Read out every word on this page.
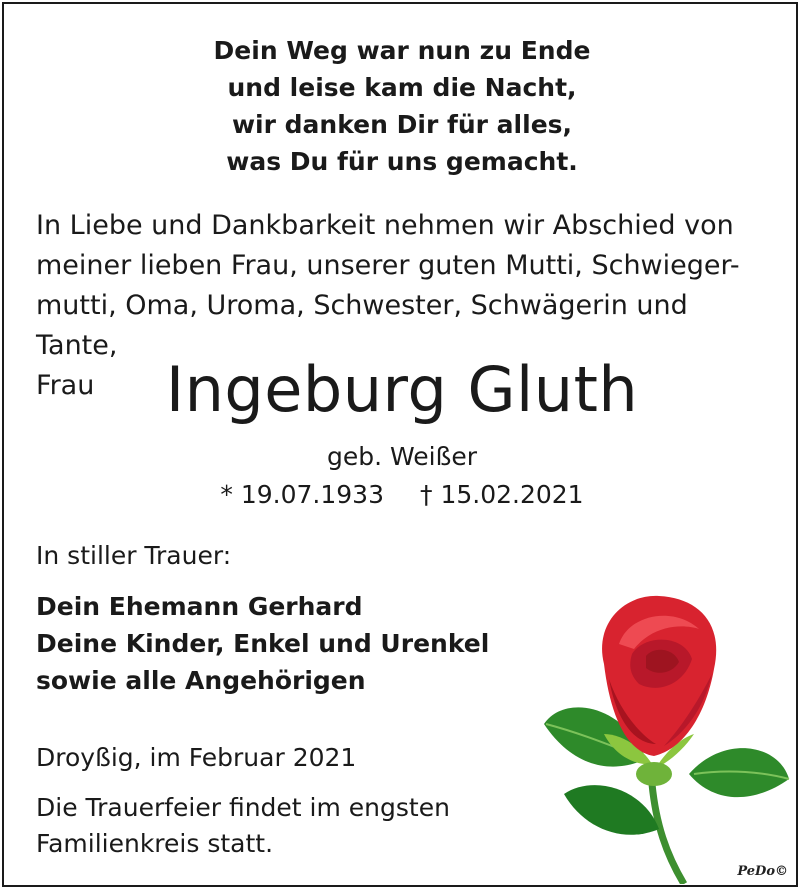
Dein Weg war nun zu Ende
und leise kam die Nacht,
wir danken Dir für alles,
was Du für uns gemacht.
In Liebe und Dankbarkeit nehmen wir Abschied von
meiner lieben Frau, unserer guten Mutti, Schwieger-
mutti, Oma, Uroma, Schwester, Schwägerin und Tante,
Frau	Ingeburg Gluth
geb. Weißer
* 19.07.1933 † 15.02.2021
In stiller Trauer:
Dein Ehemann Gerhard
Deine Kinder, Enkel und Urenkel
sowie alle Angehörigen
Droyßig, im Februar 2021
Die Trauerfeier findet im engsten
Familienkreis statt.
PeDo©
